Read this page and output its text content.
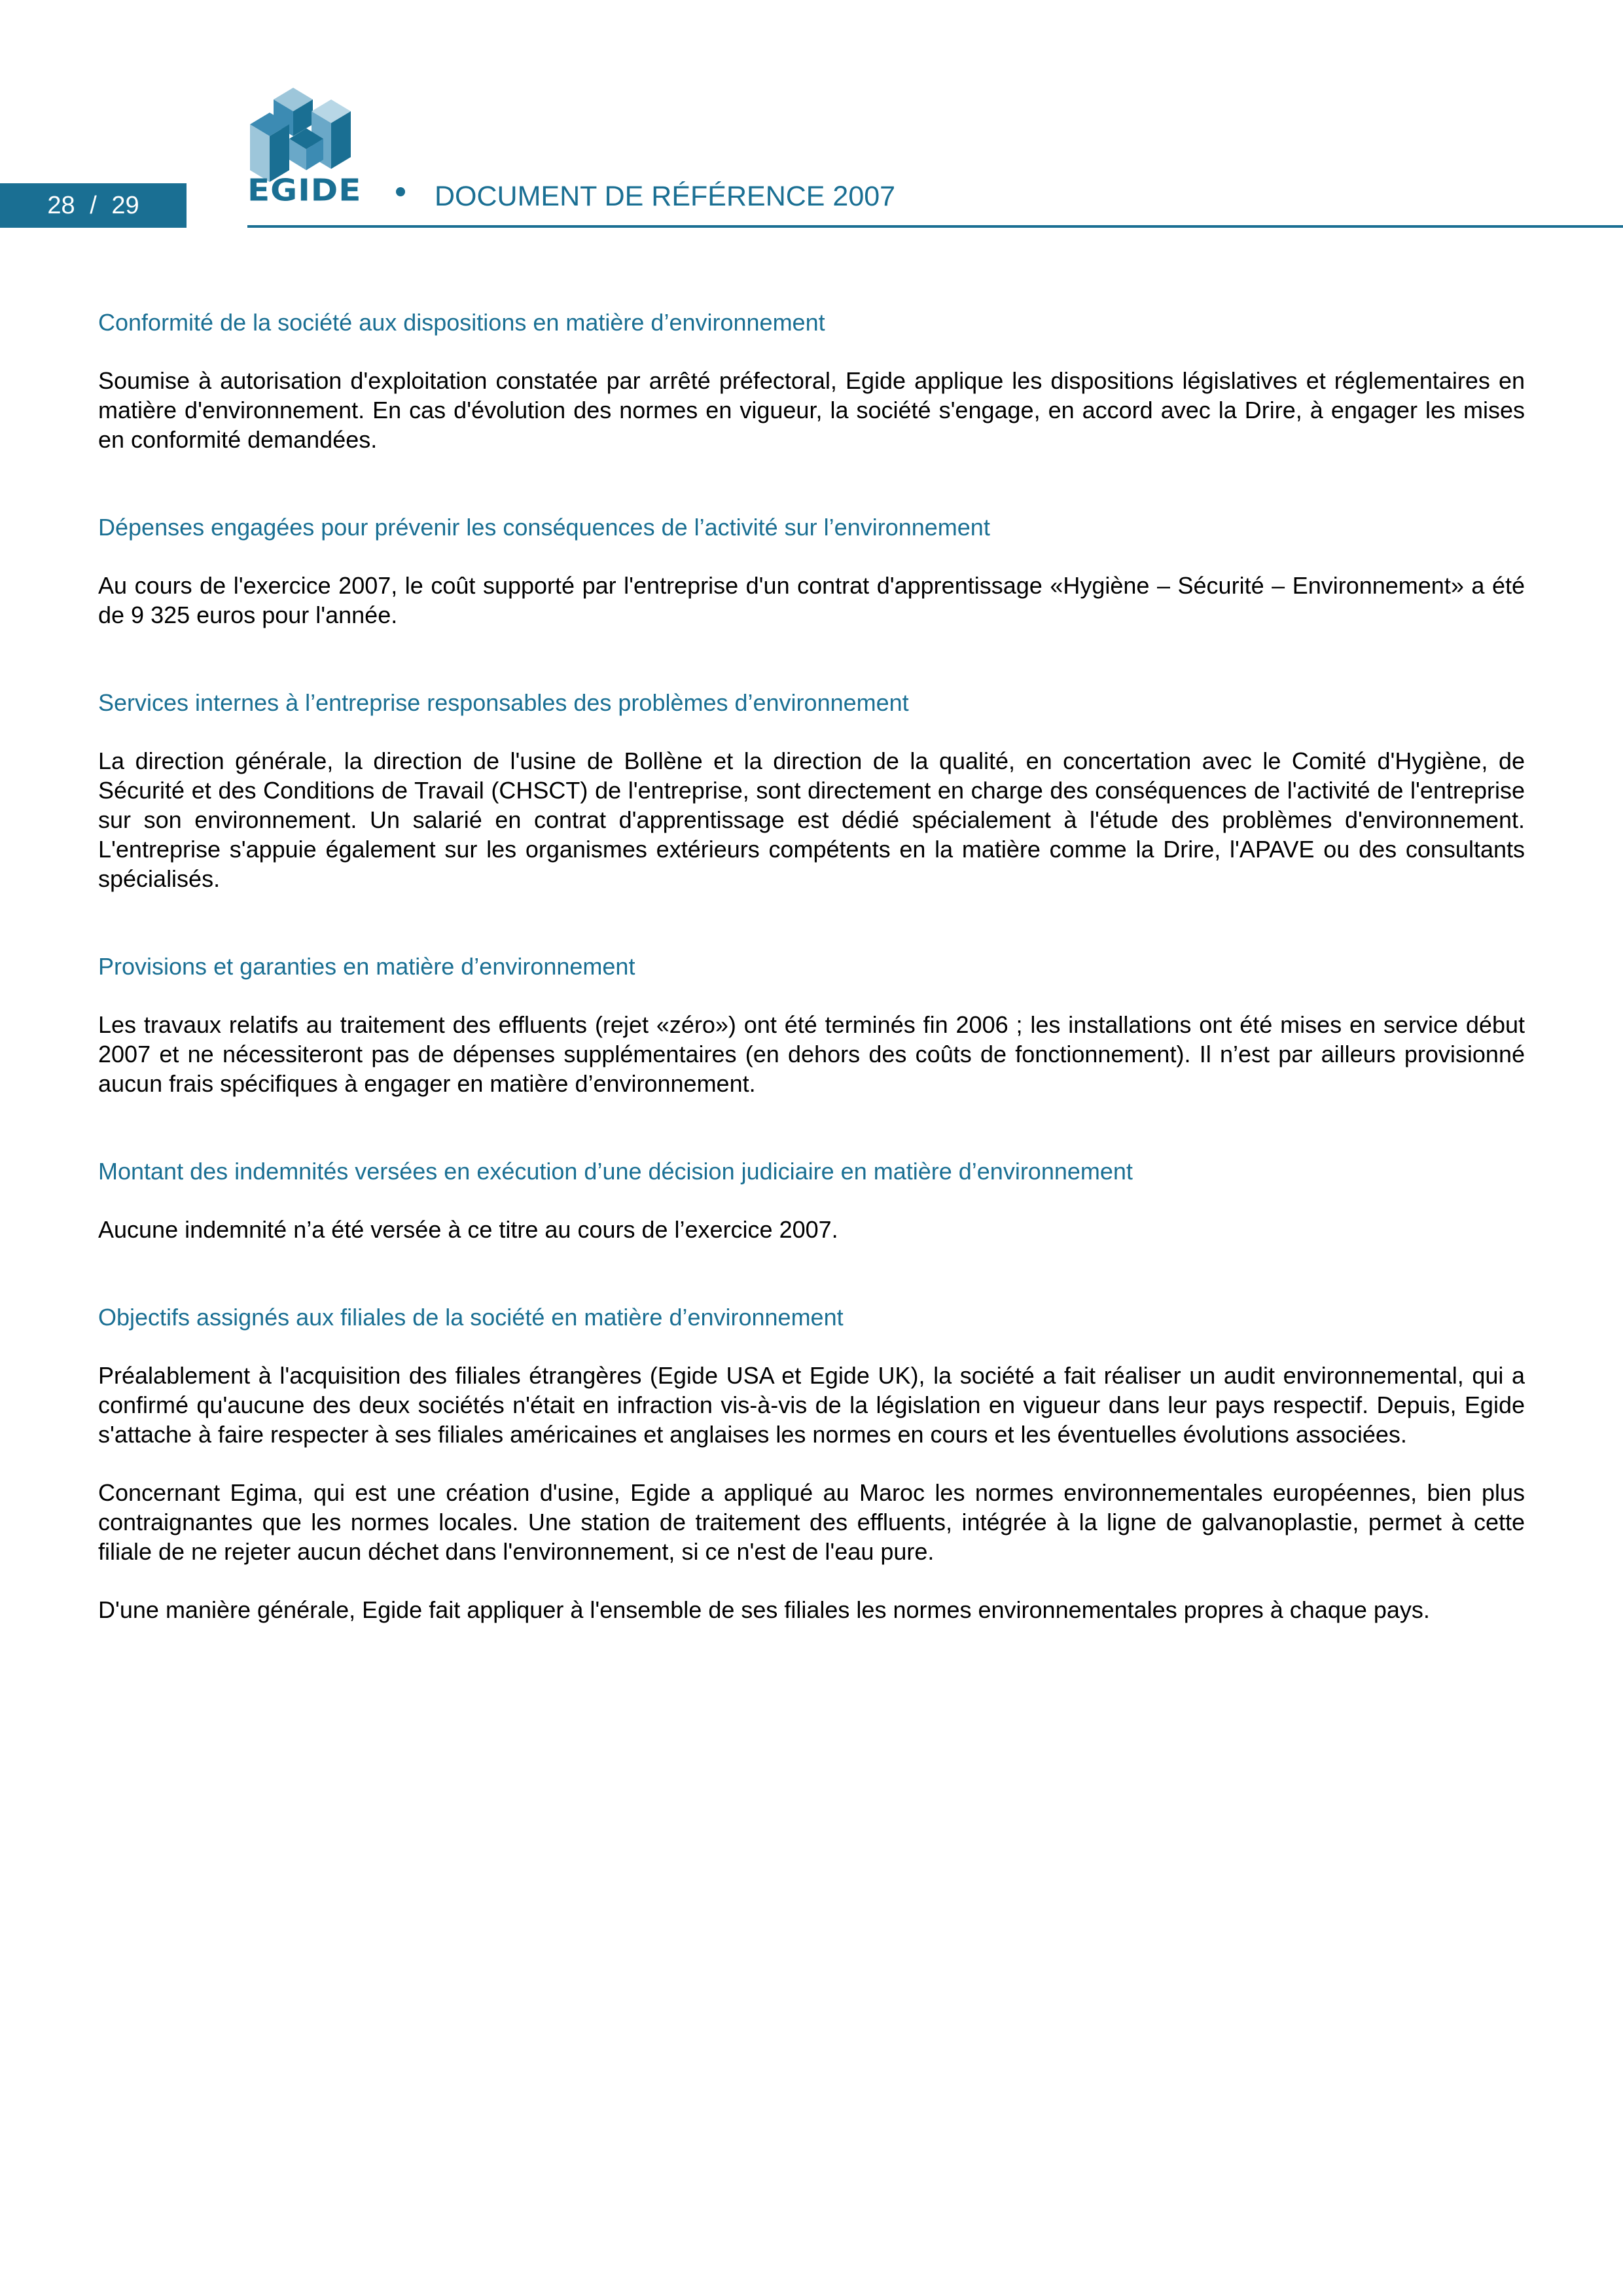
28 / 29	EGIDE	DOCUMENT DE RÉFÉRENCE 2007
Conformité de la société aux dispositions en matière d’environnement

Soumise à autorisation d'exploitation constatée par arrêté préfectoral, Egide applique les dispositions législatives et réglementaires en matière d'environnement. En cas d'évolution des normes en vigueur, la société s'engage, en accord avec la Drire, à engager les mises en conformité demandées.

Dépenses engagées pour prévenir les conséquences de l’activité sur l’environnement

Au cours de l'exercice 2007, le coût supporté par l'entreprise d'un contrat d'apprentissage «Hygiène – Sécurité – Environnement» a été de 9 325 euros pour l'année.

Services internes à l’entreprise responsables des problèmes d’environnement

La direction générale, la direction de l'usine de Bollène et la direction de la qualité, en concertation avec le Comité d'Hygiène, de Sécurité et des Conditions de Travail (CHSCT) de l'entreprise, sont directement en charge des conséquences de l'activité de l'entreprise sur son environnement. Un salarié en contrat d'apprentissage est dédié spécialement à l'étude des problèmes d'environnement. L'entreprise s'appuie également sur les organismes extérieurs compétents en la matière comme la Drire, l'APAVE ou des consultants spécialisés.

Provisions et garanties en matière d’environnement

Les travaux relatifs au traitement des effluents (rejet «zéro») ont été terminés fin 2006 ; les installations ont été mises en service début 2007 et ne nécessiteront pas de dépenses supplémentaires (en dehors des coûts de fonctionnement). Il n’est par ailleurs provisionné aucun frais spécifiques à engager en matière d’environnement.

Montant des indemnités versées en exécution d’une décision judiciaire en matière d’environnement

Aucune indemnité n’a été versée à ce titre au cours de l’exercice 2007.

Objectifs assignés aux filiales de la société en matière d’environnement

Préalablement à l'acquisition des filiales étrangères (Egide USA et Egide UK), la société a fait réaliser un audit environnemental, qui a confirmé qu'aucune des deux sociétés n'était en infraction vis-à-vis de la législation en vigueur dans leur pays respectif. Depuis, Egide s'attache à faire respecter à ses filiales américaines et anglaises les normes en cours et les éventuelles évolutions associées.

Concernant Egima, qui est une création d'usine, Egide a appliqué au Maroc les normes environnementales européennes, bien plus contraignantes que les normes locales. Une station de traitement des effluents, intégrée à la ligne de galvanoplastie, permet à cette filiale de ne rejeter aucun déchet dans l'environnement, si ce n'est de l'eau pure.

D'une manière générale, Egide fait appliquer à l'ensemble de ses filiales les normes environnementales propres à chaque pays.
